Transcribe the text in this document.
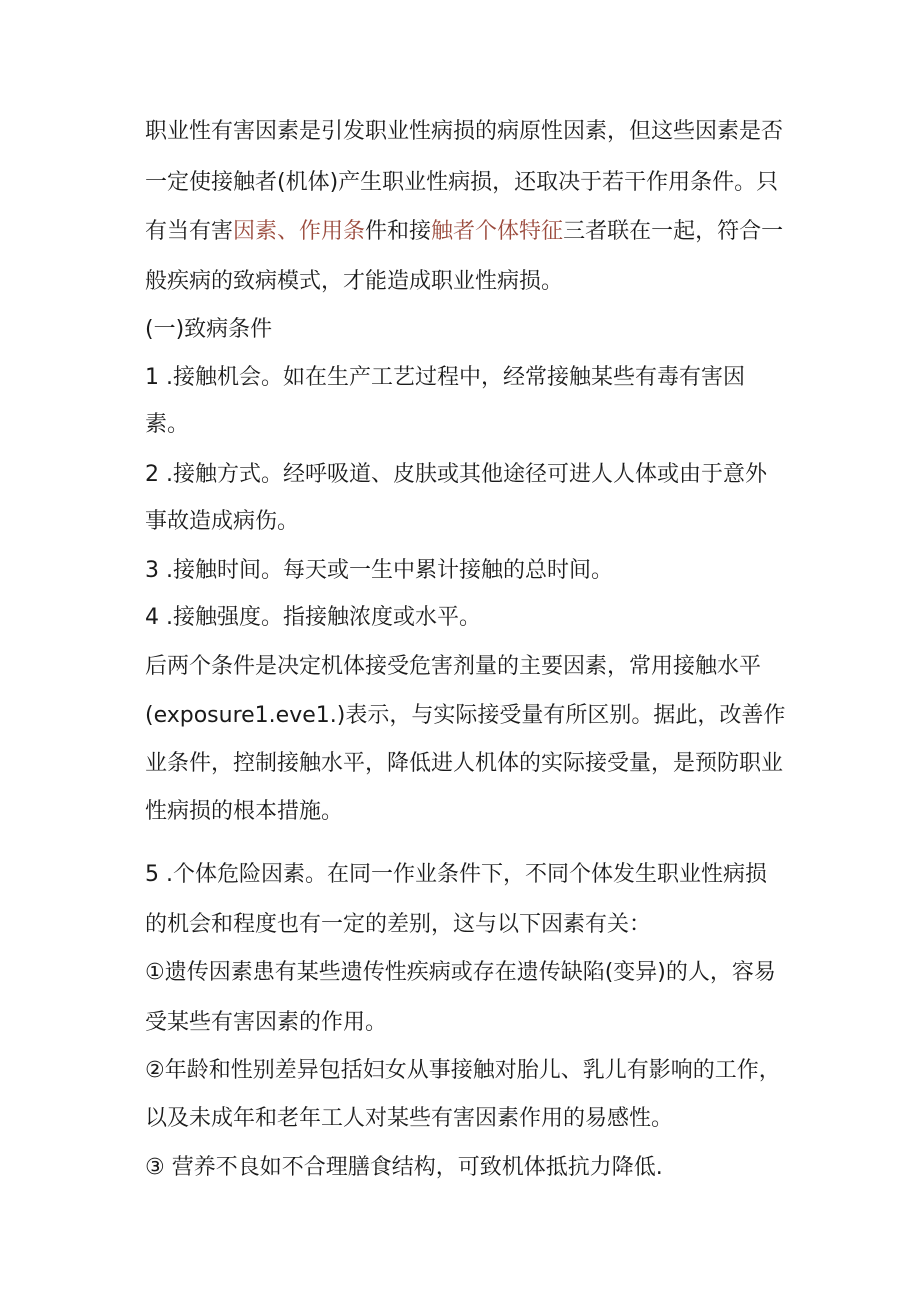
职业性有害因素是引发职业性病损的病原性因素，但这些因素是否
一定使接触者(机体)产生职业性病损，还取决于若干作用条件。只
有当有害因素、作用条件和接触者个体特征三者联在一起，符合一
般疾病的致病模式，才能造成职业性病损。
(一)致病条件
1 .接触机会。如在生产工艺过程中，经常接触某些有毒有害因
素。
2 .接触方式。经呼吸道、皮肤或其他途径可进人人体或由于意外
事故造成病伤。
3 .接触时间。每天或一生中累计接触的总时间。
4 .接触强度。指接触浓度或水平。
后两个条件是决定机体接受危害剂量的主要因素，常用接触水平
(exposure1.eve1.)表示，与实际接受量有所区别。据此，改善作
业条件，控制接触水平，降低进人机体的实际接受量，是预防职业
性病损的根本措施。
5 .个体危险因素。在同一作业条件下，不同个体发生职业性病损
的机会和程度也有一定的差别，这与以下因素有关：
①遗传因素患有某些遗传性疾病或存在遗传缺陷(变异)的人，容易
受某些有害因素的作用。
②年龄和性别差异包括妇女从事接触对胎儿、乳儿有影响的工作，
以及未成年和老年工人对某些有害因素作用的易感性。
③ 营养不良如不合理膳食结构，可致机体抵抗力降低.
